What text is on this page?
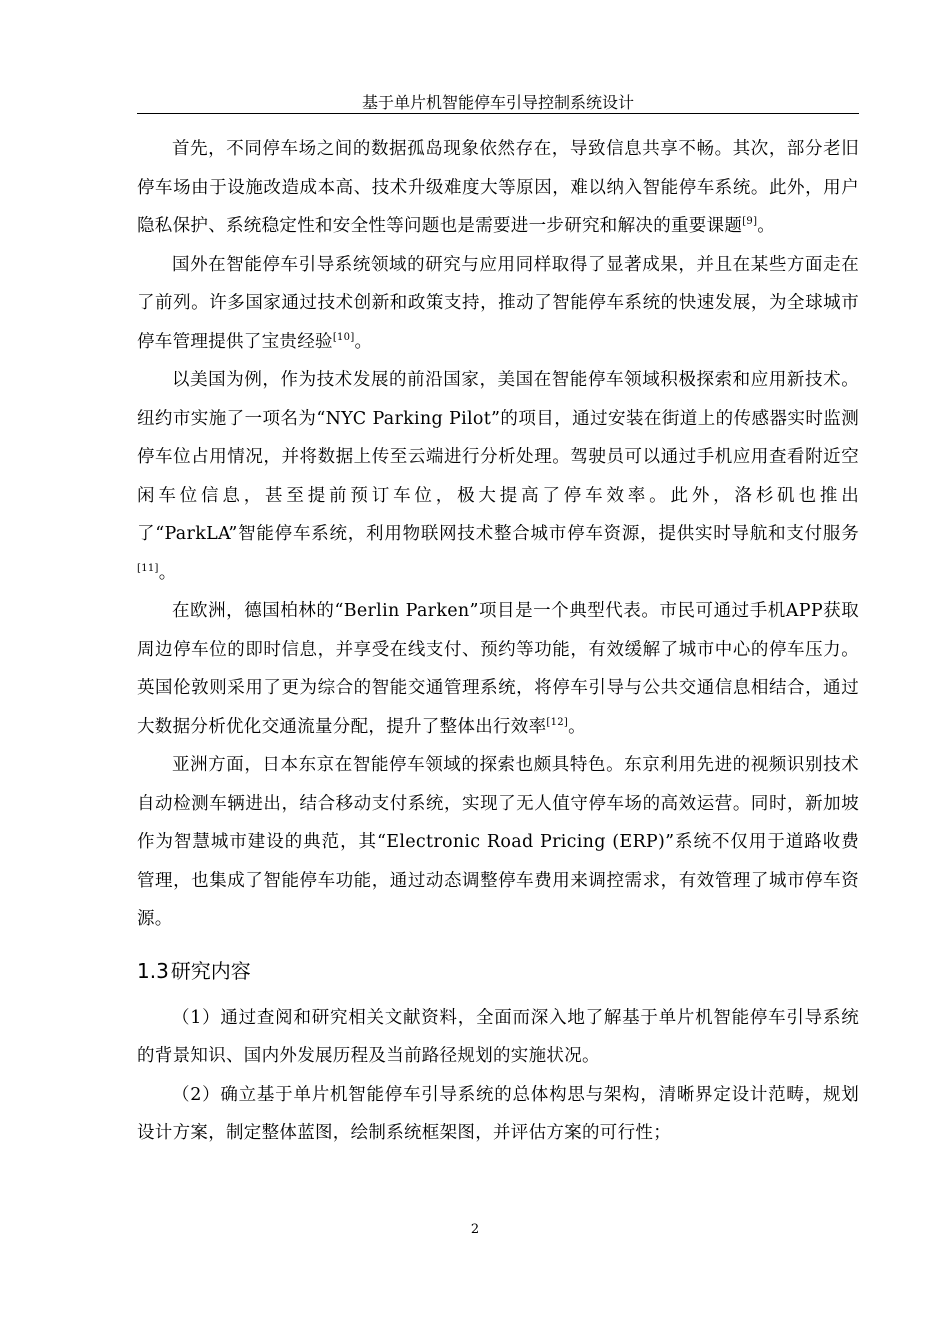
基于单片机智能停车引导控制系统设计

首先，不同停车场之间的数据孤岛现象依然存在，导致信息共享不畅。其次，部分老旧停车场由于设施改造成本高、技术升级难度大等原因，难以纳入智能停车系统。此外，用户隐私保护、系统稳定性和安全性等问题也是需要进一步研究和解决的重要课题[9]。

国外在智能停车引导系统领域的研究与应用同样取得了显著成果，并且在某些方面走在了前列。许多国家通过技术创新和政策支持，推动了智能停车系统的快速发展，为全球城市停车管理提供了宝贵经验[10]。

以美国为例，作为技术发展的前沿国家，美国在智能停车领域积极探索和应用新技术。纽约市实施了一项名为“NYC Parking Pilot”的项目，通过安装在街道上的传感器实时监测停车位占用情况，并将数据上传至云端进行分析处理。驾驶员可以通过手机应用查看附近空闲车位信息，甚至提前预订车位，极大提高了停车效率。此外，洛杉矶也推出了“ParkLA”智能停车系统，利用物联网技术整合城市停车资源，提供实时导航和支付服务[11]。

在欧洲，德国柏林的“Berlin Parken”项目是一个典型代表。市民可通过手机APP获取周边停车位的即时信息，并享受在线支付、预约等功能，有效缓解了城市中心的停车压力。英国伦敦则采用了更为综合的智能交通管理系统，将停车引导与公共交通信息相结合，通过大数据分析优化交通流量分配，提升了整体出行效率[12]。

亚洲方面，日本东京在智能停车领域的探索也颇具特色。东京利用先进的视频识别技术自动检测车辆进出，结合移动支付系统，实现了无人值守停车场的高效运营。同时，新加坡作为智慧城市建设的典范，其“Electronic Road Pricing (ERP)”系统不仅用于道路收费管理，也集成了智能停车功能，通过动态调整停车费用来调控需求，有效管理了城市停车资源。

1.3 研究内容

（1）通过查阅和研究相关文献资料，全面而深入地了解基于单片机智能停车引导系统的背景知识、国内外发展历程及当前路径规划的实施状况。

（2）确立基于单片机智能停车引导系统的总体构思与架构，清晰界定设计范畴，规划设计方案，制定整体蓝图，绘制系统框架图，并评估方案的可行性；

2
